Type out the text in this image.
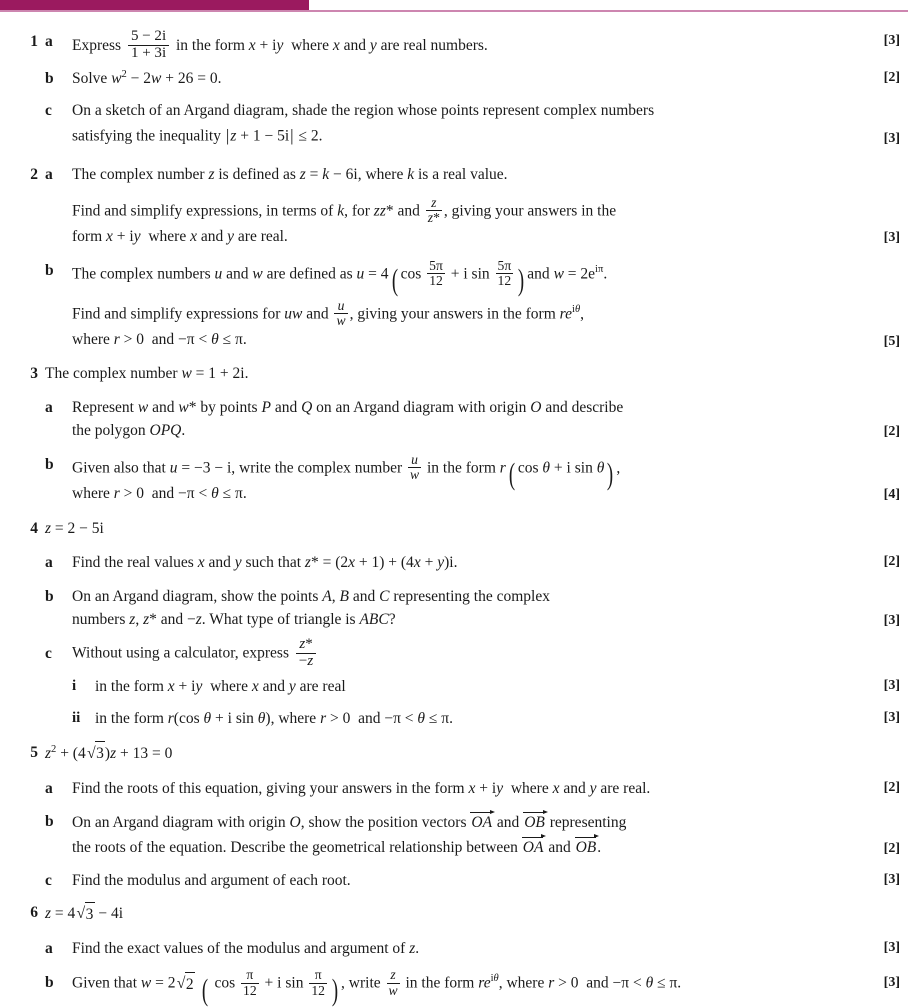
1 a	Express $\frac{5 - 2i}{1 + 3i}$ in the form x + iy  where x and y are real numbers.	[3]
b	Solve $w^2 - 2w + 26 = 0$.	[2]
c	On a sketch of an Argand diagram, shade the region whose points represent complex numbers
satisfying the inequality |z + 1 − 5i| ≤ 2.	[3]
2 a	The complex number z is defined as z = k − 6i, where k is a real value.
Find and simplify expressions, in terms of k, for zz* and $\frac{z}{z*}$ , giving your answers in the
form x + iy  where x and y are real.	[3]
b	The complex numbers u and w are defined as u = 4( $\cos \frac{5\pi}{12} + i$ $\sin \frac{5\pi}{12}$ ) and $w = 2e^{i\pi}$.
Find and simplify expressions for uw and $\frac{u}{w}$ , giving your answers in the form $re^{i\theta}$,
where r > 0  and −π < θ ≤ π.	[5]
3 The complex number w = 1 + 2i.
a	Represent w and w* by points P and Q on an Argand diagram with origin O and describe
the polygon OPQ.	[2]
b	Given also that u = −3 − i, write the complex number $\frac{u}{w}$ in the form r( cos θ + i sin θ) ,
where r > 0  and −π < θ ≤ π.	[4]
4 z = 2 − 5i
a	Find the real values x and y such that z* = (2x + 1) + (4x + y)i.	[2]
b	On an Argand diagram, show the points A, B and C representing the complex
numbers z, z* and −z. What type of triangle is ABC?	[3]
c	Without using a calculator, express $\frac{z*}{-z}$
i	in the form x + iy  where x and y are real	[3]
ii in the form r(cos θ + i sin θ), where r > 0  and −π < θ ≤ π.	[3]
5 $z^2 + (4√3)z + 13 = 0$
a	Find the roots of this equation, giving your answers in the form x + iy  where x and y are real.	[2]
b	On an Argand diagram with origin O, show the position vectors
OA and
OB representing
the roots of the equation. Describe the geometrical relationship between
OA and
OB.	[2]
c	Find the modulus and argument of each root.	[3]
6 z = 4√3 − 4i
a	Find the exact values of the modulus and argument of z.	[3]
b	Given that w = 2√2 ( $\cos \frac{\pi}{12} + i$ $\sin \frac{\pi}{12}$ ) , write $\frac{z}{w}$ in the form $re^{i\theta}$, where r > 0  and −π < θ ≤ π.	[3]
